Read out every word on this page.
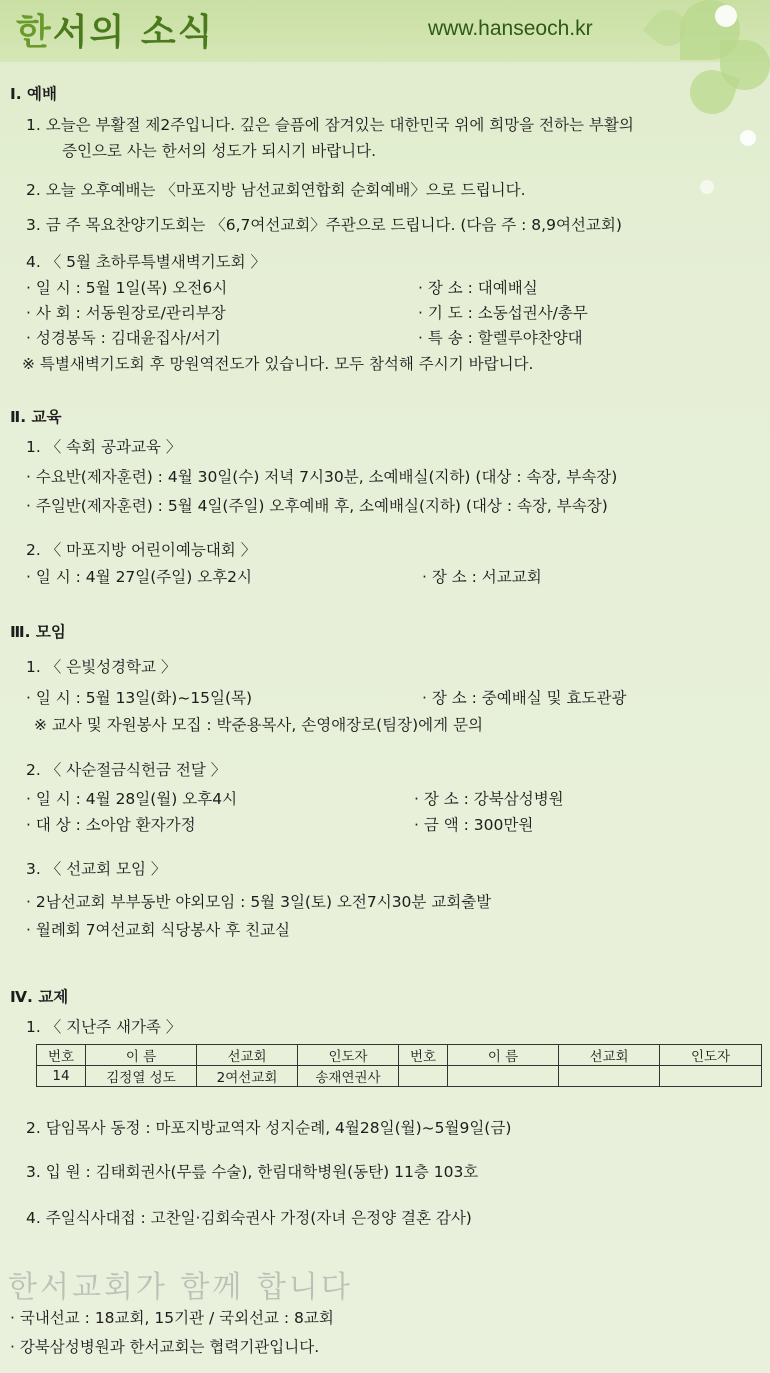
한서의 소식	www.hanseoch.kr
Ⅰ. 예배
1. 오늘은 부활절 제2주입니다. 깊은 슬픔에 잠겨있는 대한민국 위에 희망을 전하는 부활의
증인으로 사는 한서의 성도가 되시기 바랍니다.
2. 오늘 오후예배는 〈마포지방 남선교회연합회 순회예배〉으로 드립니다.
3. 금 주 목요찬양기도회는 〈6,7여선교회〉주관으로 드립니다. (다음 주 : 8,9여선교회)
4. 〈 5월 초하루특별새벽기도회 〉
· 일 시 : 5월 1일(목) 오전6시	· 장 소 : 대예배실
· 사 회 : 서동원장로/관리부장	· 기 도 : 소동섭권사/총무
· 성경봉독 : 김대윤집사/서기	· 특 송 : 할렐루야찬양대
※ 특별새벽기도회 후 망원역전도가 있습니다. 모두 참석해 주시기 바랍니다.
Ⅱ. 교육
1. 〈 속회 공과교육 〉
· 수요반(제자훈련) : 4월 30일(수) 저녁 7시30분, 소예배실(지하) (대상 : 속장, 부속장)
· 주일반(제자훈련) : 5월 4일(주일) 오후예배 후, 소예배실(지하) (대상 : 속장, 부속장)
2. 〈 마포지방 어린이예능대회 〉
· 일 시 : 4월 27일(주일) 오후2시	· 장 소 : 서교교회
Ⅲ. 모임
1. 〈 은빛성경학교 〉
· 일 시 : 5월 13일(화)~15일(목)	· 장 소 : 중예배실 및 효도관광
※ 교사 및 자원봉사 모집 : 박준용목사, 손영애장로(팀장)에게 문의
2. 〈 사순절금식헌금 전달 〉
· 일 시 : 4월 28일(월) 오후4시	· 장 소 : 강북삼성병원
· 대 상 : 소아암 환자가정	· 금 액 : 300만원
3. 〈 선교회 모임 〉
· 2남선교회 부부동반 야외모임 : 5월 3일(토) 오전7시30분 교회출발
· 월례회 7여선교회 식당봉사 후 친교실
Ⅳ. 교제
1. 〈 지난주 새가족 〉
번호	이 름	선교회	인도자	번호	이 름	선교회	인도자
14	김정열 성도	2여선교회	송재연권사				
2. 담임목사 동정 : 마포지방교역자 성지순례, 4월28일(월)~5월9일(금)
3. 입 원 : 김태회권사(무릎 수술), 한림대학병원(동탄) 11층 103호
4. 주일식사대접 : 고찬일·김회숙권사 가정(자녀 은정양 결혼 감사)
한서교회가 함께 합니다
· 국내선교 : 18교회, 15기관 / 국외선교 : 8교회
· 강북삼성병원과 한서교회는 협력기관입니다.
